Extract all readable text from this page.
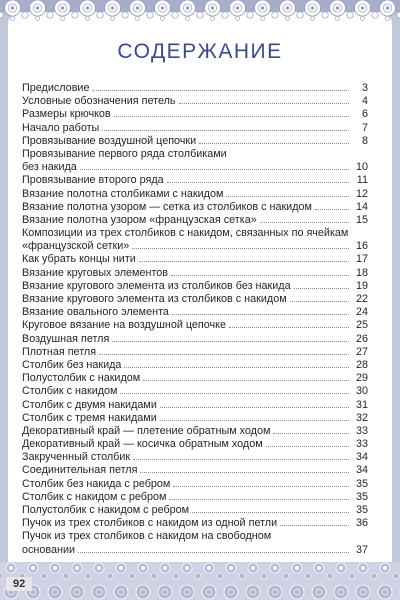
СОДЕРЖАНИЕ
Предисловие	3
Условные обозначения петель	4
Размеры крючков	6
Начало работы	7
Провязывание воздушной цепочки	8
Провязывание первого ряда столбиками
без накида	10
Провязывание второго ряда	11
Вязание полотна столбиками с накидом	12
Вязание полотна узором — сетка из столбиков с накидом	14
Вязание полотна узором «французская сетка»	15
Композиции из трех столбиков с накидом, связанных по ячейкам
«французской сетки»	16
Как убрать концы нити	17
Вязание круговых элементов	18
Вязание кругового элемента из столбиков без накида	19
Вязание кругового элемента из столбиков с накидом	22
Вязание овального элемента	24
Круговое вязание на воздушной цепочке	25
Воздушная петля	26
Плотная петля	27
Столбик без накида	28
Полустолбик с накидом	29
Столбик с накидом	30
Столбик с двумя накидами	31
Столбик с тремя накидами	32
Декоративный край — плетение обратным ходом	33
Декоративный край — косичка обратным ходом	33
Закрученный столбик	34
Соединительная петля	34
Столбик без накида с ребром	35
Столбик с накидом с ребром	35
Полустолбик с накидом с ребром	35
Пучок из трех столбиков с накидом из одной петли	36
Пучок из трех столбиков с накидом на свободном
основании	37
92
